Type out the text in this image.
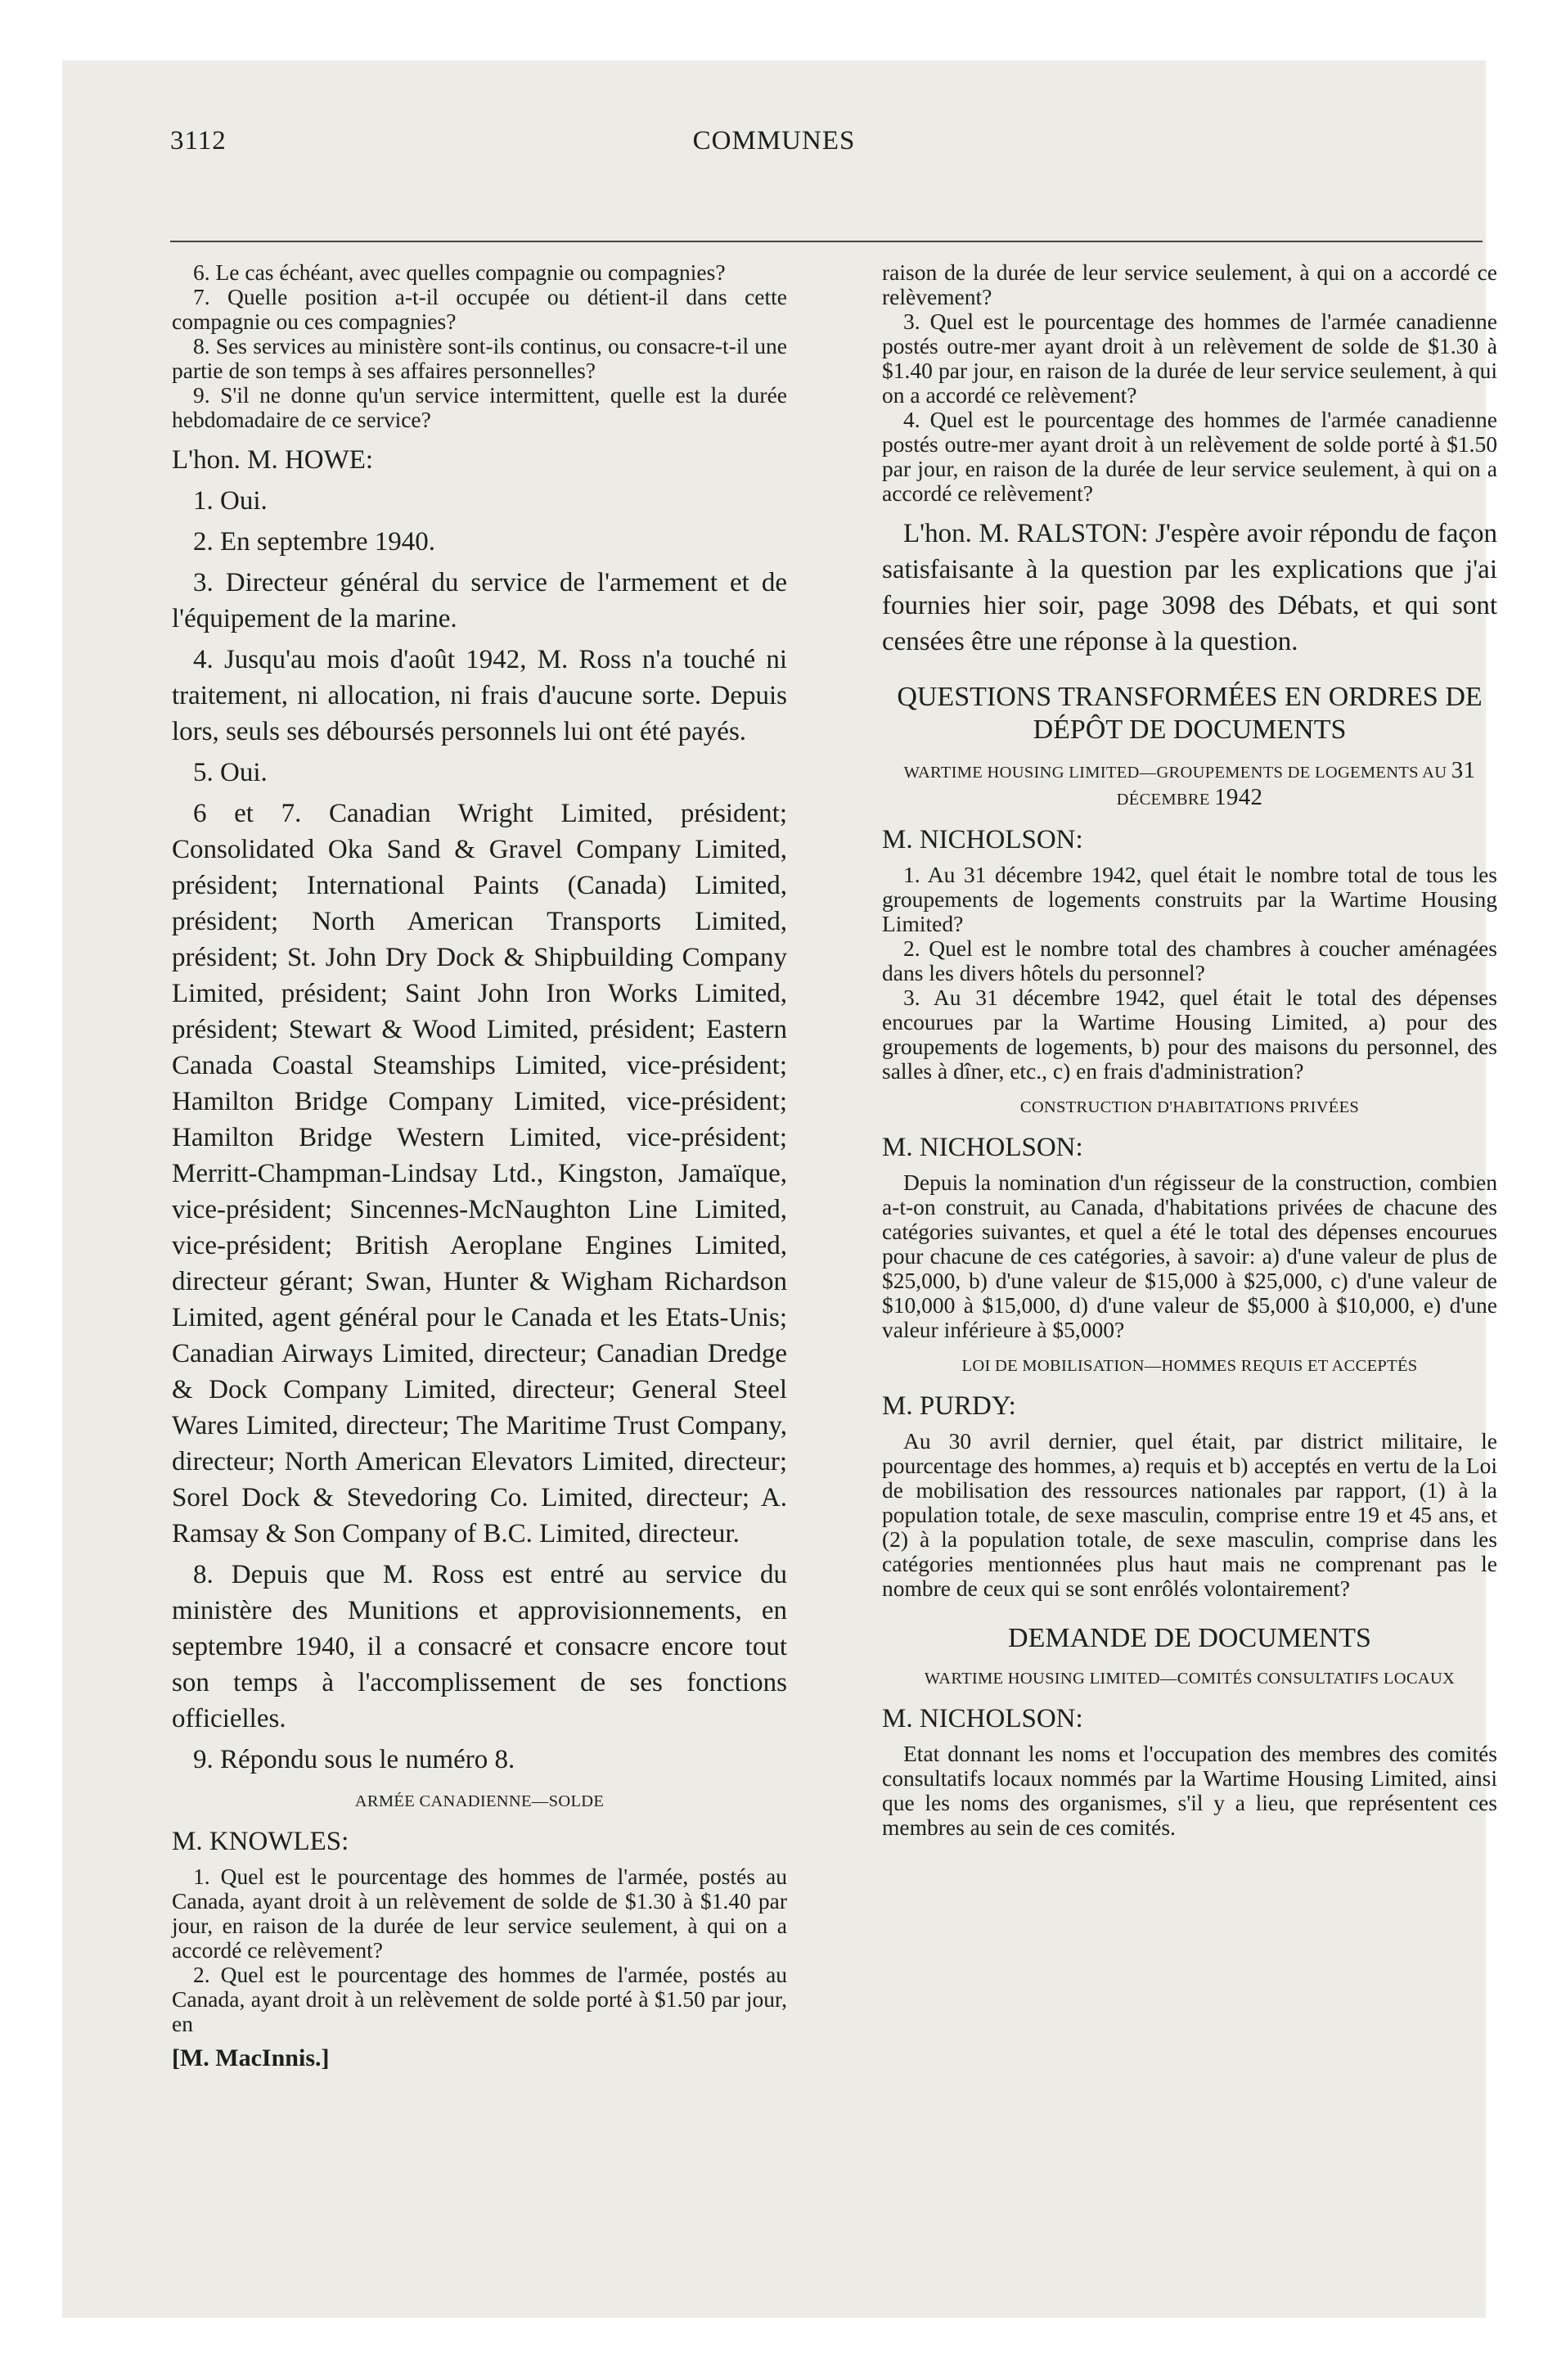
3112	COMMUNES

6. Le cas échéant, avec quelles compagnie ou compagnies?

7. Quelle position a-t-il occupée ou détient-il dans cette compagnie ou ces compagnies?

8. Ses services au ministère sont-ils continus, ou consacre-t-il une partie de son temps à ses affaires personnelles?

9. S'il ne donne qu'un service intermittent, quelle est la durée hebdomadaire de ce service?

L'hon. M. HOWE:

1. Oui.

2. En septembre 1940.

3. Directeur général du service de l'armement et de l'équipement de la marine.

4. Jusqu'au mois d'août 1942, M. Ross n'a touché ni traitement, ni allocation, ni frais d'aucune sorte. Depuis lors, seuls ses déboursés personnels lui ont été payés.

5. Oui.

6 et 7. Canadian Wright Limited, président; Consolidated Oka Sand & Gravel Company Limited, président; International Paints (Canada) Limited, président; North American Transports Limited, président; St. John Dry Dock & Shipbuilding Company Limited, président; Saint John Iron Works Limited, président; Stewart & Wood Limited, président; Eastern Canada Coastal Steamships Limited, vice-président; Hamilton Bridge Company Limited, vice-président; Hamilton Bridge Western Limited, vice-président; Merritt-Champman-Lindsay Ltd., Kingston, Jamaïque, vice-président; Sincennes-McNaughton Line Limited, vice-président; British Aeroplane Engines Limited, directeur gérant; Swan, Hunter & Wigham Richardson Limited, agent général pour le Canada et les Etats-Unis; Canadian Airways Limited, directeur; Canadian Dredge & Dock Company Limited, directeur; General Steel Wares Limited, directeur; The Maritime Trust Company, directeur; North American Elevators Limited, directeur; Sorel Dock & Stevedoring Co. Limited, directeur; A. Ramsay & Son Company of B.C. Limited, directeur.

8. Depuis que M. Ross est entré au service du ministère des Munitions et approvisionnements, en septembre 1940, il a consacré et consacre encore tout son temps à l'accomplissement de ses fonctions officielles.

9. Répondu sous le numéro 8.

ARMÉE CANADIENNE—SOLDE

M. KNOWLES:

1. Quel est le pourcentage des hommes de l'armée, postés au Canada, ayant droit à un relèvement de solde de $1.30 à $1.40 par jour, en raison de la durée de leur service seulement, à qui on a accordé ce relèvement?

2. Quel est le pourcentage des hommes de l'armée, postés au Canada, ayant droit à un relèvement de solde porté à $1.50 par jour, en

[M. MacInnis.]

raison de la durée de leur service seulement, à qui on a accordé ce relèvement?

3. Quel est le pourcentage des hommes de l'armée canadienne postés outre-mer ayant droit à un relèvement de solde de $1.30 à $1.40 par jour, en raison de la durée de leur service seulement, à qui on a accordé ce relèvement?

4. Quel est le pourcentage des hommes de l'armée canadienne postés outre-mer ayant droit à un relèvement de solde porté à $1.50 par jour, en raison de la durée de leur service seulement, à qui on a accordé ce relèvement?

L'hon. M. RALSTON: J'espère avoir répondu de façon satisfaisante à la question par les explications que j'ai fournies hier soir, page 3098 des Débats, et qui sont censées être une réponse à la question.

QUESTIONS TRANSFORMÉES EN ORDRES DE DÉPÔT DE DOCUMENTS

WARTIME HOUSING LIMITED—GROUPEMENTS DE LOGEMENTS AU 31 DÉCEMBRE 1942

M. NICHOLSON:

1. Au 31 décembre 1942, quel était le nombre total de tous les groupements de logements construits par la Wartime Housing Limited?

2. Quel est le nombre total des chambres à coucher aménagées dans les divers hôtels du personnel?

3. Au 31 décembre 1942, quel était le total des dépenses encourues par la Wartime Housing Limited, a) pour des groupements de logements, b) pour des maisons du personnel, des salles à dîner, etc., c) en frais d'administration?

CONSTRUCTION D'HABITATIONS PRIVÉES

M. NICHOLSON:

Depuis la nomination d'un régisseur de la construction, combien a-t-on construit, au Canada, d'habitations privées de chacune des catégories suivantes, et quel a été le total des dépenses encourues pour chacune de ces catégories, à savoir: a) d'une valeur de plus de $25,000, b) d'une valeur de $15,000 à $25,000, c) d'une valeur de $10,000 à $15,000, d) d'une valeur de $5,000 à $10,000, e) d'une valeur inférieure à $5,000?

LOI DE MOBILISATION—HOMMES REQUIS ET ACCEPTÉS

M. PURDY:

Au 30 avril dernier, quel était, par district militaire, le pourcentage des hommes, a) requis et b) acceptés en vertu de la Loi de mobilisation des ressources nationales par rapport, (1) à la population totale, de sexe masculin, comprise entre 19 et 45 ans, et (2) à la population totale, de sexe masculin, comprise dans les catégories mentionnées plus haut mais ne comprenant pas le nombre de ceux qui se sont enrôlés volontairement?

DEMANDE DE DOCUMENTS

WARTIME HOUSING LIMITED—COMITÉS CONSULTATIFS LOCAUX

M. NICHOLSON:

Etat donnant les noms et l'occupation des membres des comités consultatifs locaux nommés par la Wartime Housing Limited, ainsi que les noms des organismes, s'il y a lieu, que représentent ces membres au sein de ces comités.
